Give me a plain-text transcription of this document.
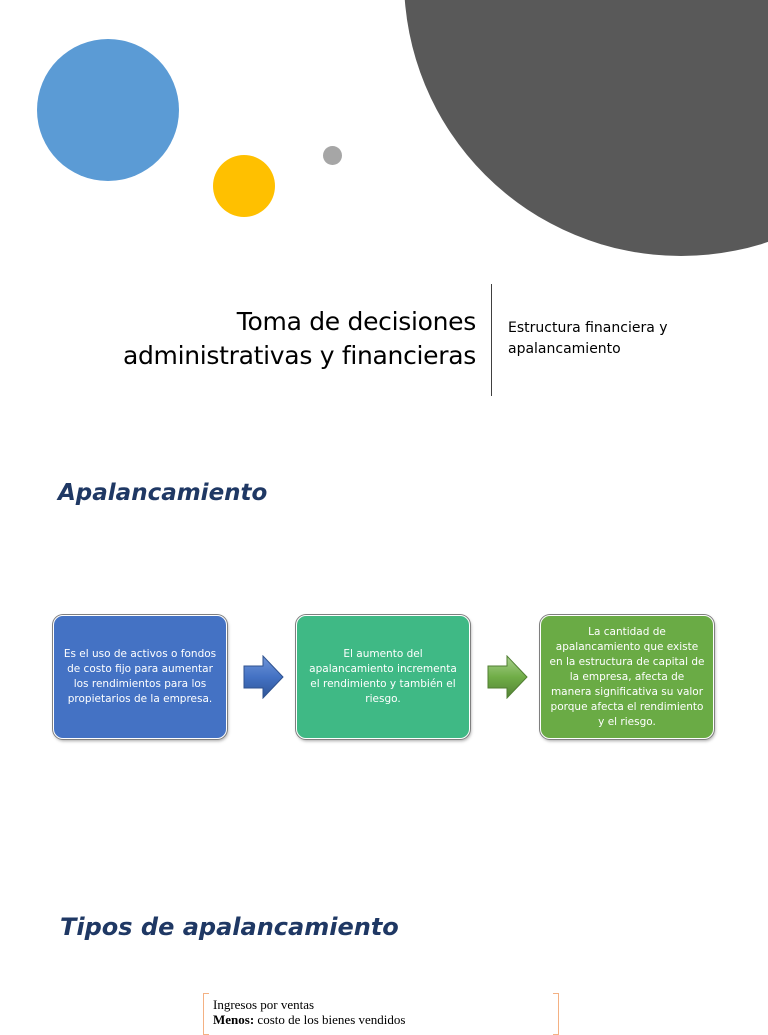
Toma de decisiones
administrativas y financieras
Estructura financiera y apalancamiento
Apalancamiento
Es el uso de activos o fondos de costo fijo para aumentar los rendimientos para los propietarios de la empresa.
El aumento del apalancamiento incrementa el rendimiento y también el riesgo.
La cantidad de apalancamiento que existe en la estructura de capital de la empresa, afecta de manera significativa su valor porque afecta el rendimiento y el riesgo.
Tipos de apalancamiento
Ingresos por ventas
Menos: costo de los bienes vendidos
